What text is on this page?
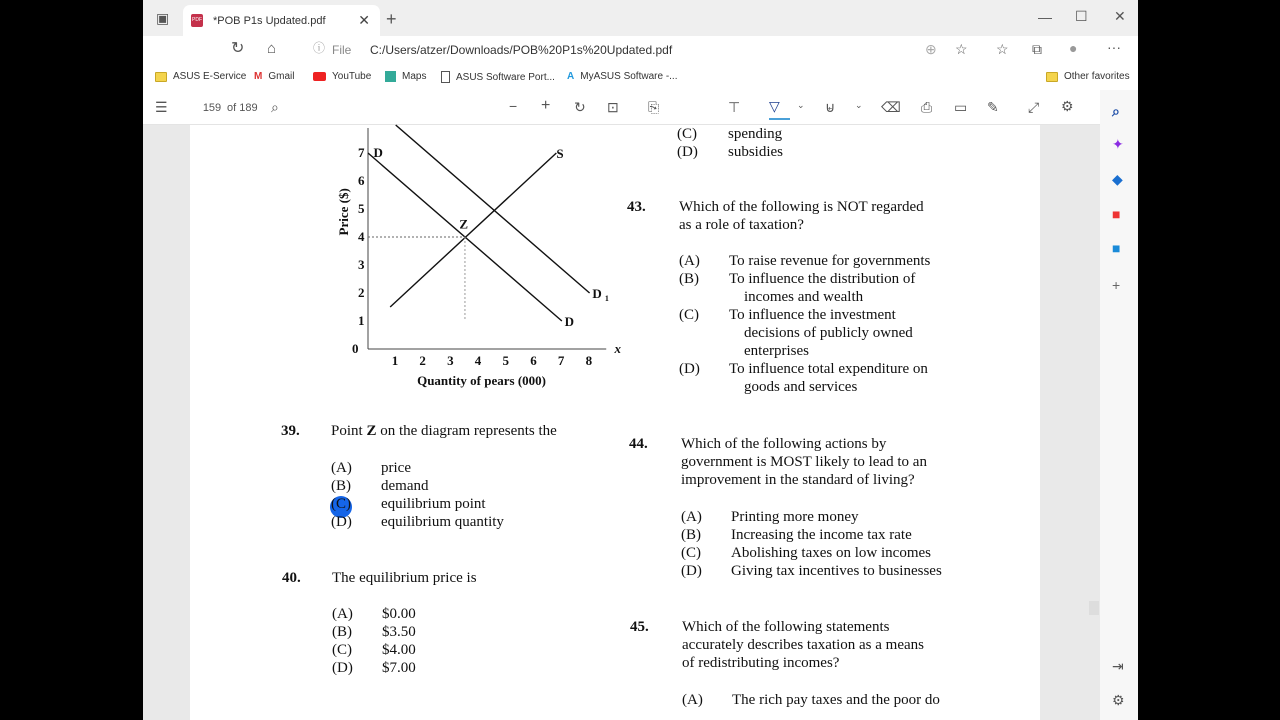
▣	PDF *POB P1s Updated.pdf ✕ +	— ☐ ✕
↻ ⌂	ⓘ File C:/Users/atzer/Downloads/POB%20P1s%20Updated.pdf	⊕ ☆ ☆ ⧉ ● ···
ASUS E-Service M Gmail	YouTube	Maps	ASUS Software Port... A MyASUS Software -...	Other favorites
☰	159 of 189 ⌕	− + ↻ ⊡ ⎘	⊤ ▽	⌄ ⊌ ⌄ ⌫ ⎙ ▭ ✎ ⤢ ⚙
x
1 2 3 4 5 6 7 8
0
1
2
3
4
5
6
7
Quantity of pears (000)
Price ($)
D
D
D 1
S
Z
39. Point Z on the diagram represents the
(A) price
(B) demand
(C) equilibrium point
(D) equilibrium quantity
40. The equilibrium price is
(A) $0.00
(B) $3.50
(C) $4.00
(D) $7.00
(C) spending
(D) subsidies
43. Which of the following is NOT regarded
as a role of taxation?
(A) To raise revenue for governments
(B) To influence the distribution of
incomes and wealth
(C) To influence the investment
decisions of publicly owned
enterprises
(D) To influence total expenditure on
goods and services
44. Which of the following actions by
government is MOST likely to lead to an
improvement in the standard of living?
(A) Printing more money
(B) Increasing the income tax rate
(C) Abolishing taxes on low incomes
(D) Giving tax incentives to businesses
45. Which of the following statements
accurately describes taxation as a means
of redistributing incomes?
(A) The rich pay taxes and the poor do
⌕
✦
◆
■
■
+
⇥
⚙
